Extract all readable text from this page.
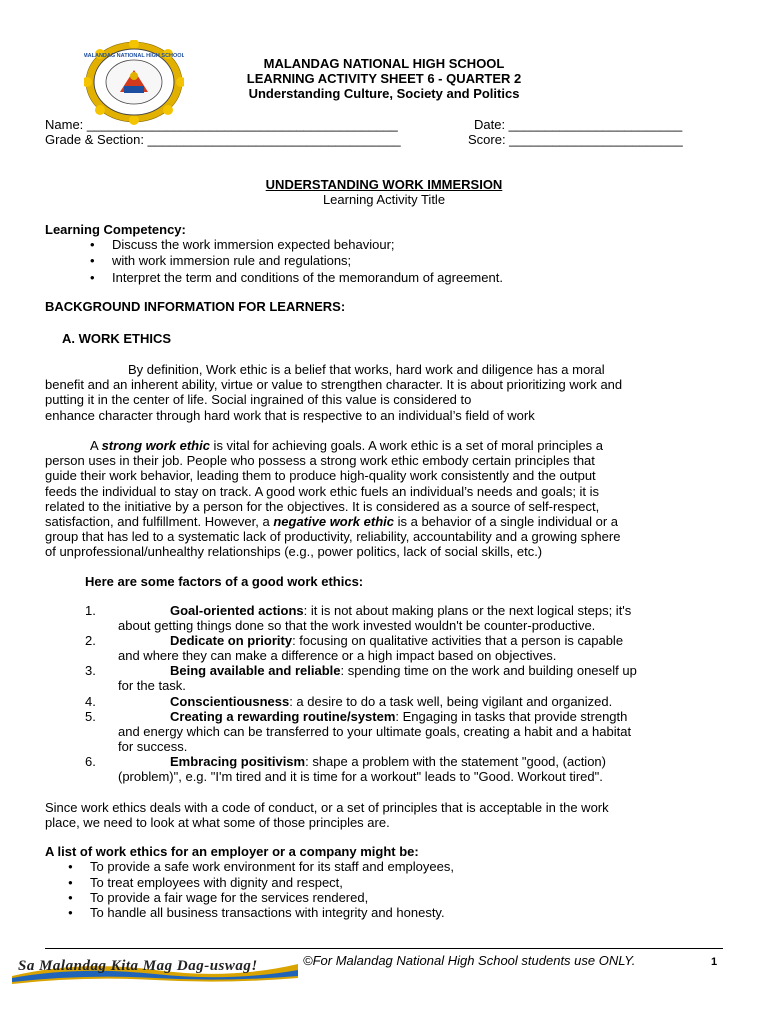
MALANDAG NATIONAL HIGH SCHOOL	MALANDAG NATIONAL HIGH SCHOOL
LEARNING ACTIVITY SHEET 6 - QUARTER 2
Understanding Culture, Society and Politics
Name: ___________________________________________	Date: ________________________
Grade & Section: ___________________________________	Score: ________________________
UNDERSTANDING WORK IMMERSION
Learning Activity Title
Learning Competency:
• Discuss the work immersion expected behaviour;
• with work immersion rule and regulations;
• Interpret the term and conditions of the memorandum of agreement.
BACKGROUND INFORMATION FOR LEARNERS:
A. WORK ETHICS
By definition, Work ethic is a belief that works, hard work and diligence has a moral
benefit and an inherent ability, virtue or value to strengthen character. It is about prioritizing work and
putting it in the center of life. Social ingrained of this value is considered to
enhance character through hard work that is respective to an individual’s field of work
A strong work ethic is vital for achieving goals. A work ethic is a set of moral principles a
person uses in their job. People who possess a strong work ethic embody certain principles that
guide their work behavior, leading them to produce high-quality work consistently and the output
feeds the individual to stay on track. A good work ethic fuels an individual’s needs and goals; it is
related to the initiative by a person for the objectives. It is considered as a source of self-respect,
satisfaction, and fulfillment. However, a negative work ethic is a behavior of a single individual or a
group that has led to a systematic lack of productivity, reliability, accountability and a growing sphere
of unprofessional/unhealthy relationships (e.g., power politics, lack of social skills, etc.)
Here are some factors of a good work ethics:
1.	Goal-oriented actions: it is not about making plans or the next logical steps; it's
about getting things done so that the work invested wouldn't be counter-productive.
2.	Dedicate on priority: focusing on qualitative activities that a person is capable
and where they can make a difference or a high impact based on objectives.
3.	Being available and reliable: spending time on the work and building oneself up
for the task.
4.	Conscientiousness: a desire to do a task well, being vigilant and organized.
5.	Creating a rewarding routine/system: Engaging in tasks that provide strength
and energy which can be transferred to your ultimate goals, creating a habit and a habitat
for success.
6.	Embracing positivism: shape a problem with the statement "good, (action)
(problem)", e.g. "I'm tired and it is time for a workout" leads to "Good. Workout tired".
Since work ethics deals with a code of conduct, or a set of principles that is acceptable in the work
place, we need to look at what some of those principles are.
A list of work ethics for an employer or a company might be:
● To provide a safe work environment for its staff and employees,
● To treat employees with dignity and respect,
● To provide a fair wage for the services rendered,
● To handle all business transactions with integrity and honesty.
Sa Malandag Kita Mag Dag-uswag!	©For Malandag National High School students use ONLY.	1
